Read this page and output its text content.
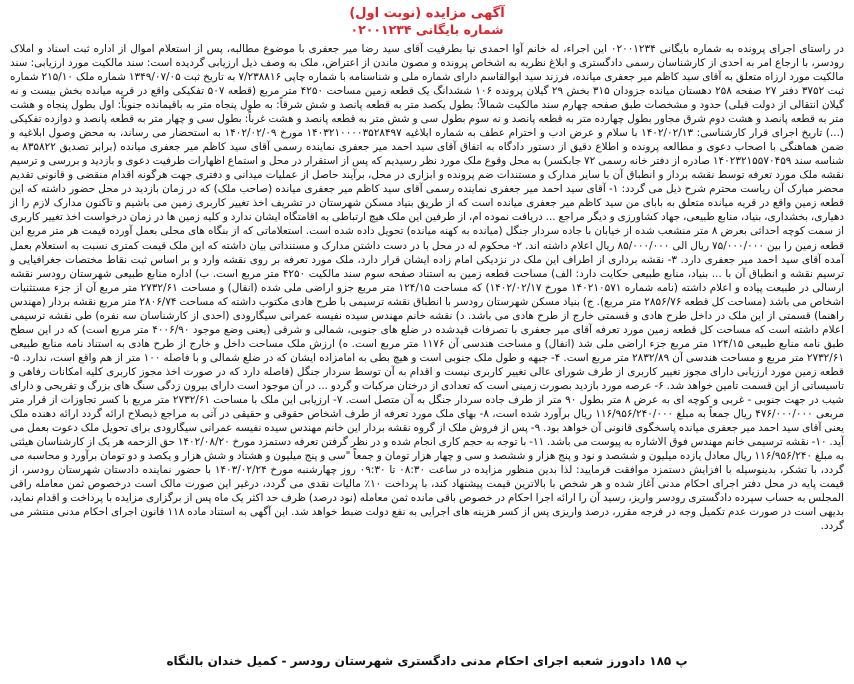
آگهی مزایده (نوبت اول)
شماره بایگانی ۰۲۰۰۱۲۳۴
در راستای اجرای پرونده به شماره بایگانی ۰۲۰۰۱۲۳۴ این اجراء، له خانم آوا احمدی نیا بطرفیت آقای سید رضا میر جعفری با موضوع مطالبه، پس از استعلام اموال از اداره ثبت اسناد و املاک رودسر، با ارجاع امر به احدی از کارشناسان رسمی دادگستری و ابلاغ نظریه به اشخاص پرونده و مصون ماندن از اعتراض، ملک به وصف ذیل ارزیابی گردیده است: سند مالکیت مورد ارزیابی: سند مالکیت مورد ارزاه متعلق به آقای سید کاظم میر جعفری میانده، فرزند سید ابوالقاسم دارای شماره ملی و شناسنامه با شماره چاپی ۷/۲۳۸۸۱۶ به تاریخ ثبت ۱۳۴۹/۰۷/۰۵ شماره ملک ۲۱۵/۱۰ شماره ثبت ۳۷۵۲ دفتر ۲۷ صفحه ۲۵۸ دهستان میانده جزودان ۳۱۵ بخش ۲۹ گیلان پرونده ۱۰۶ ششدانگ یک قطعه زمین مساحت ۴۲۵۰ متر مربع (قطعه ۵۰۷ تفکیکی واقع در قریه میانده بخش بیست و نه گیلان انتقالی از دولت قبلی) حدود و مشخصات طبق صفحه چهارم سند مالکیت شمالاً: بطول یکصد متر به قطعه پانصد و شش شرقاً: به طول پنجاه متر به باقیمانده جنوباً: اول بطول پنجاه و هشت متر به قطعه پانصد و هشت دوم شرق مجاور بطول چهارده متر به قطعه پانصد و نه سوم بطول سی و شش متر به قطعه پانصد و هشت غرباً: بطول سی و چهار متر به قطعه پانصد و دوازده تفکیکی (...) تاریخ اجرای قرار کارشناسی: ۱۴۰۲/۰۲/۱۳ با سلام و عرض ادب و احترام عطف به شماره ابلاغیه ۱۴۰۳۲۱۰۰۰۰۳۵۲۸۴۹۷ مورخ ۱۴۰۲/۰۲/۰۹ به استحضار می رساند، به محض وصول ابلاغیه و ضمن هماهنگی با اصحاب دعوی و مطالعه پرونده و اطلاع دقیق از دستور دادگاه به اتفاق آقای سید احمد میر جعفری نماینده رسمی آقای سید کاظم میر جعفری میانده (برابر تصدیق ۸۳۵۸۲۲ به شناسه سند ۱۴۰۲۳۲۱۵۵۷۰۴۵۹ صادره از دفتر خانه رسمی ۷۲ جابکسر) به محل وقوع ملک مورد نظر رسیدیم که پس از استقرار در محل و استماع اظهارات طرفیت دعوی و بازدید و بررسی و ترسیم نقشه ملک مورد تعرفه توسط نقشه بردار و انطباق آن با سایر مدارک و مستندات ضم پرونده و ابزاری در محل، برآیند حاصل از عملیات میدانی و دفتری جهت هرگونه اقدام منقضی و قانونی تقدیم محضر مبارک آن ریاست محترم شرح ذیل می گردد: ۱- آقای سید احمد میر جعفری نماینده رسمی آقای سید کاظم میر جعفری میانده (صاحب ملک) که در زمان بازدید در محل حضور داشته که این قطعه زمین واقع در قریه میانده متعلق به بابای من سید کاظم میر جعفری میانده است که از طریق بنیاد مسکن شهرستان در تشریف اخذ تغییر کاربری زمین می باشیم و تاکنون مدارک لازم را از دهیاری، بخشداری، بنیاد، منابع طبیعی، جهاد کشاورزی و دیگر مراجع ... دریافت نموده ام، از طرفین این ملک هیچ ارتباطی به اقامتگاه ایشان ندارد و کلیه زمین ها در زمان درخواست اخذ تغییر کاربری از سمت کوچه احداثی بعرض ۸ متر منشعب شده از خیابان با جاده سردار جنگل (میانده به کهنه میانده) تحویل داده شده است. استعلاماتی که از بنگاه های محلی بعمل آورده قیمت هر متر مربع این قطعه زمین را بین ۷۵/۰۰۰/۰۰۰ ریال الی ۸۵/۰۰۰/۰۰۰ ریال اعلام داشته اند. ۲- محکوم له در محل با در دست داشتن مدارک و مستنداتی بیان داشته که این ملک قیمت کمتری نسبت به استعلام بعمل آمده آقای سید احمد میر جعفری دارد. ۳- نقشه برداری از اطراف این ملک در نزدیکی امام زاده ایشان قرار دارد، ملک مورد تعرفه بر روی نقشه وارد و بر اساس ثبت نقاط مختصات جغرافیایی و ترسیم نقشه و انطباق آن با ... بنیاد، منابع طبیعی حکایت دارد: الف) مساحت قطعه زمین به استناد صفحه سوم سند مالکیت ۴۲۵۰ متر مربع است. ب) اداره منابع طبیعی شهرستان رودسر نقشه ارسالی در طبیعت پیاده و اعلام داشته (نامه شماره ۱۴۰۲۱۰۵۷۱ مورخ ۱۴۰۲/۰۲/۱۷) که مساحت ۱۲۴/۱۵ متر مربع جزو اراضی ملی شده (انفال) و مساحت ۲۷۳۲/۶۱ متر مربع آن از جزء مستثنیات اشخاص می باشد (مساحت کل قطعه ۲۸۵۶/۷۶ متر مربع). ج) بنیاد مسکن شهرستان رودسر با انطباق نقشه ترسیمی با طرح هادی مکتوب داشته که مساحت ۲۸۰۶/۷۴ متر مربع نقشه بردار (مهندس راهنما) قسمتی از این ملک در داخل طرح هادی و قسمتی خارج از طرح هادی می باشد. د) نقشه خانم مهندس سیده نفیسه عمرانی سیگارودی (احدی از کارشناسان سه نفره) طی نقشه ترسیمی اعلام داشته است که مساحت کل قطعه زمین مورد تعرفه آقای میر جعفری با تصرفات قیدشده در ضلع های جنوبی، شمالی و شرقی (یعنی وضع موجود ۴۰۰۶/۹۰ متر مربع است) که در این سطح طبق نامه منابع طبیعی ۱۲۴/۱۵ متر مربع جزء اراضی ملی شد (انفال) و مساحت هندسی آن ۱۱۷۶ متر مربع است. ه) ارزش ملک مساحت داخل و خارج از طرح هادی به استناد نامه منابع طبیعی ۲۷۳۲/۶۱ متر مربع و مساحت هندسی آن ۲۸۳۲/۸۹ متر مربع است. ۴- جبهه و طول ملک جنوبی است و هیچ بطی به امامزاده ایشان که در ضلع شمالی و با فاصله ۱۰۰ متر از هم واقع است، ندارد. ۵- قطعه زمین مورد ارزیابی دارای مجوز تغییر کاربری از طرف شورای عالی تغییر کاربری نیست و اقدام به آن توسط سردار جنگل (فاصله دارد که در صورت اخذ مجوز کاربری کلیه امکانات رفاهی و تاسیساتی از این قسمت تامین خواهد شد. ۶- عرصه مورد بازدید بصورت زمینی است که تعدادی از درختان مرکبات و گردو ... در آن موجود است دارای بیرون زدگی سنگ های بزرگ و تفریحی و دارای شیب در جهت جنوبی - غربی و کوچه ای به عرض ۸ متر بطول ۹۰ متر از طرف جاده سردار جنگل به آن متصل است. ۷- ارزیابی این ملک با مساحت ۲۷۳۲/۶۱ متر مربع با کسر تجاوزات از قرار متر مربعی ۴۷۶/۰۰۰/۰۰۰ ریال جمعاً به مبلغ ۱۱۶/۹۵۶/۲۴۰/۰۰۰ ریال برآورد شده است، ۸- بهای ملک مورد تعرفه از طرف اشخاص حقوقی و حقیقی در آتی به مراجع ذیصلاح ارائه گردد ارائه دهنده ملک یعنی آقای سید احمد میر جعفری میانده پاسخگوی قانونی آن خواهد بود. ۹- پس از فروش ملک از گروه نقشه بردار این خانم مهندس سیده نفیسه عمرانی سیگارودی برای تحویل ملک دعوت بعمل می آید. ۱۰- نقشه ترسیمی خانم مهندس فوق الاشاره به پیوست می باشد. ۱۱- با توجه به حجم کاری انجام شده و در نظر گرفتن تعرفه دستمزد مورخ ۱۴۰۲/۰۸/۲۰ حق الزحمه هر یک از کارشناسان هیئتی به مبلغ ۱۱۶/۹۵۶/۲۴۰ ریال معادل یازده میلیون و ششصد و نود و پنج هزار و ششصد و سی و چهار هزار تومان و جمعاً "سی و پنج میلیون و هشتاد و شش هزار و یکصد و دو تومان برآورد و محاسبه می گردد، با تشکر، بدینوسیله با افزایش دستمزد موافقت فرمایید: لذا بدین منظور مزایده در ساعت ۰۸:۳۰ تا ۰۹:۳۰ روز چهارشنبه مورخ ۱۴۰۳/۰۲/۲۴ با حضور نماینده دادستان شهرستان رودسر، از قیمت پایه در محل دفتر اجرای احکام مدنی آغاز شده و هر شخص با بالاترین قیمت پیشنهاد کند، با پرداخت ۱۰٪ مالیات نقدی می گردد، درغیر این صورت مالک است درخصوص ثمن معامله راقی المجلس به حساب سپرده دادگستری رودسر واریز، رسید آن را ارائه اجرا احکام در خصوص باقی مانده ثمن معامله (نود درصد) ظرف حد اکثر یک ماه پس از برگزاری مزایده با پرداخت و اقدام نماید، بدیهی است در صورت عدم تکمیل وجه در فرجه مقرر، درصد واریزی پس از کسر هزینه های اجرایی به نفع دولت ضبط خواهد شد. این آگهی به استناد ماده ۱۱۸ قانون اجرای احکام مدنی منتشر می گردد.
پ ۱۸۵ دادورز شعبه اجرای احکام مدنی دادگستری شهرستان رودسر - کمیل خندان بالنگاه
